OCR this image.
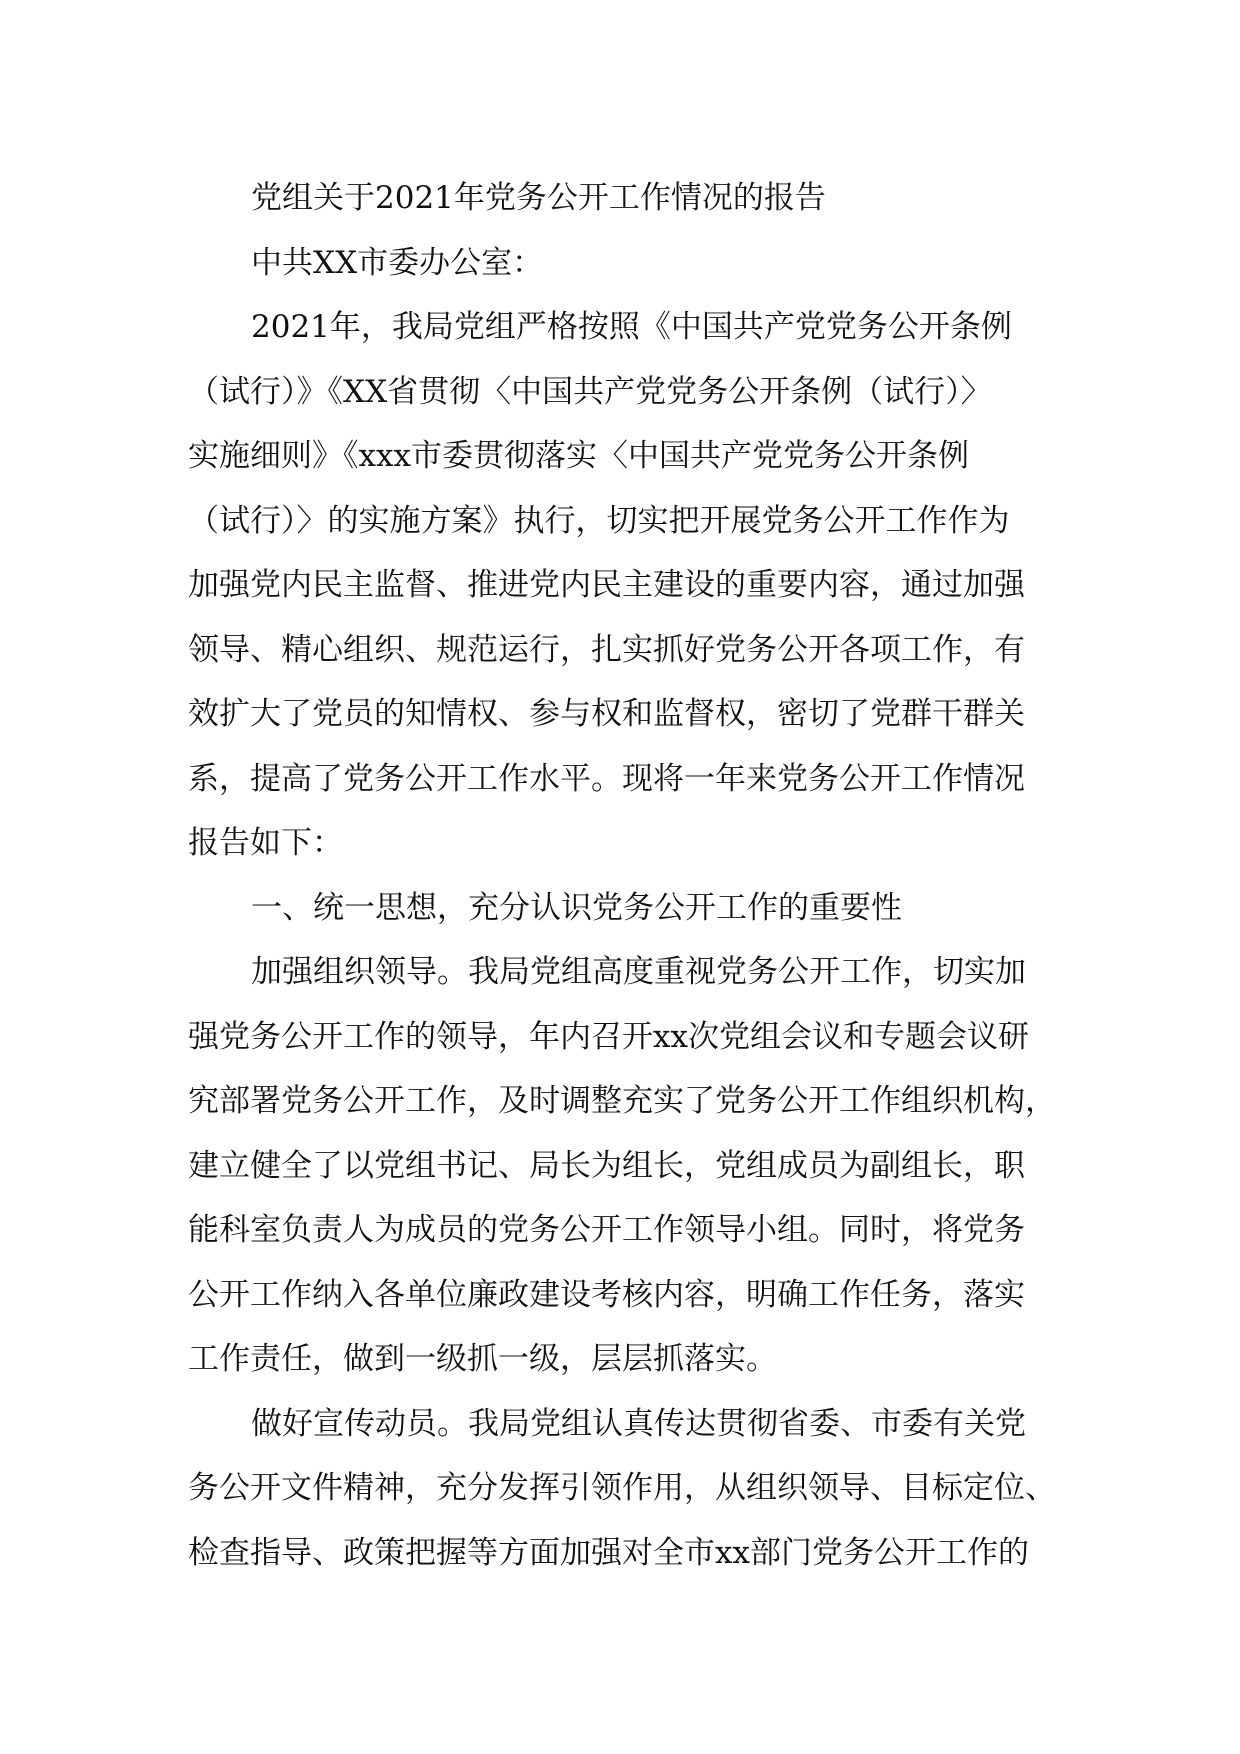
党组关于2021年党务公开工作情况的报告
中共XX市委办公室：
2021年，我局党组严格按照《中国共产党党务公开条例
（试行）》《XX省贯彻〈中国共产党党务公开条例（试行）〉
实施细则》《xxx市委贯彻落实〈中国共产党党务公开条例
（试行）〉的实施方案》执行，切实把开展党务公开工作作为
加强党内民主监督、推进党内民主建设的重要内容，通过加强
领导、精心组织、规范运行，扎实抓好党务公开各项工作，有
效扩大了党员的知情权、参与权和监督权，密切了党群干群关
系，提高了党务公开工作水平。现将一年来党务公开工作情况
报告如下：
一、统一思想，充分认识党务公开工作的重要性
加强组织领导。我局党组高度重视党务公开工作，切实加
强党务公开工作的领导，年内召开xx次党组会议和专题会议研
究部署党务公开工作，及时调整充实了党务公开工作组织机构，
建立健全了以党组书记、局长为组长，党组成员为副组长，职
能科室负责人为成员的党务公开工作领导小组。同时，将党务
公开工作纳入各单位廉政建设考核内容，明确工作任务，落实
工作责任，做到一级抓一级，层层抓落实。
做好宣传动员。我局党组认真传达贯彻省委、市委有关党
务公开文件精神，充分发挥引领作用，从组织领导、目标定位、
检查指导、政策把握等方面加强对全市xx部门党务公开工作的
